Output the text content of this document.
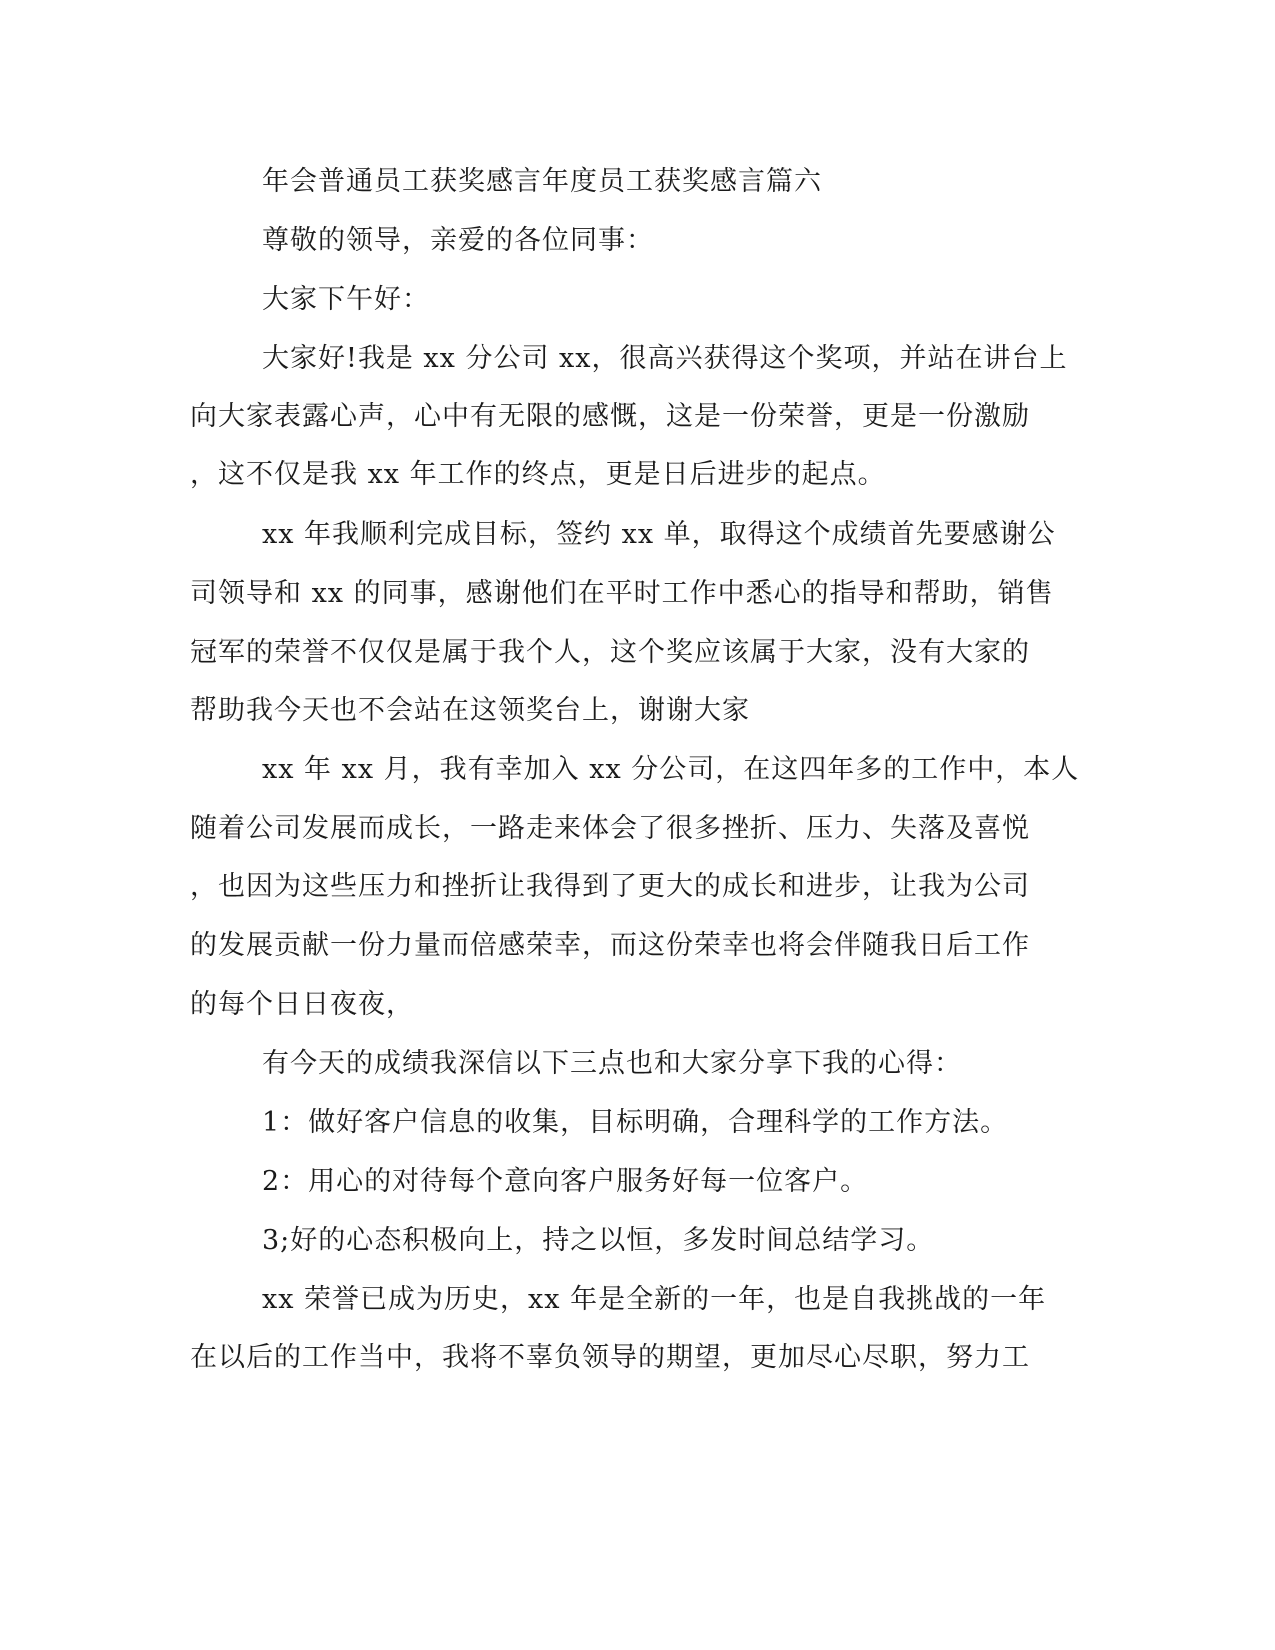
年会普通员工获奖感言年度员工获奖感言篇六
尊敬的领导，亲爱的各位同事：
大家下午好：
大家好!我是 xx 分公司 xx，很高兴获得这个奖项，并站在讲台上
向大家表露心声，心中有无限的感慨，这是一份荣誉，更是一份激励
，这不仅是我 xx 年工作的终点，更是日后进步的起点。
xx 年我顺利完成目标，签约 xx 单，取得这个成绩首先要感谢公
司领导和 xx 的同事，感谢他们在平时工作中悉心的指导和帮助，销售
冠军的荣誉不仅仅是属于我个人，这个奖应该属于大家，没有大家的
帮助我今天也不会站在这领奖台上，谢谢大家
xx 年 xx 月，我有幸加入 xx 分公司，在这四年多的工作中，本人
随着公司发展而成长，一路走来体会了很多挫折、压力、失落及喜悦
，也因为这些压力和挫折让我得到了更大的成长和进步，让我为公司
的发展贡献一份力量而倍感荣幸，而这份荣幸也将会伴随我日后工作
的每个日日夜夜，
有今天的成绩我深信以下三点也和大家分享下我的心得：
1：做好客户信息的收集，目标明确，合理科学的工作方法。
2：用心的对待每个意向客户服务好每一位客户。
3;好的心态积极向上，持之以恒，多发时间总结学习。
xx 荣誉已成为历史，xx 年是全新的一年，也是自我挑战的一年
在以后的工作当中，我将不辜负领导的期望，更加尽心尽职，努力工
